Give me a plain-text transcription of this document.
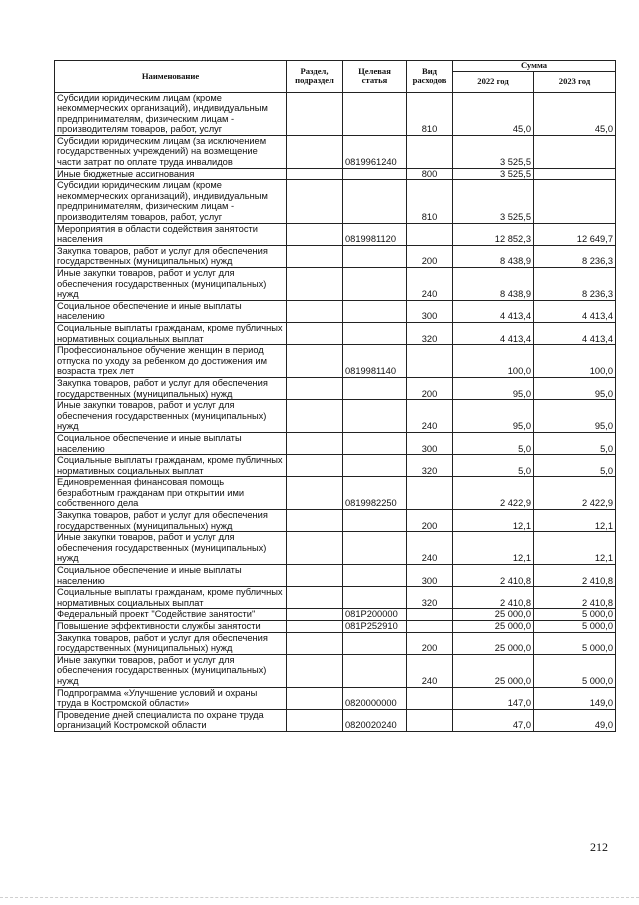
Наименование	Раздел, подраздел	Целевая статья	Вид расходов	Сумма	
				2022 год	2023 год
Субсидии юридическим лицам (кроме некоммерческих организаций), индивидуальным предпринимателям, физическим лицам - производителям товаров, работ, услуг			810	45,0	45,0
Субсидии юридическим лицам (за исключением государственных учреждений) на возмещение части затрат по оплате труда инвалидов		0819961240		3 525,5	
Иные бюджетные ассигнования			800	3 525,5	
Субсидии юридическим лицам (кроме некоммерческих организаций), индивидуальным предпринимателям, физическим лицам - производителям товаров, работ, услуг			810	3 525,5	
Мероприятия в области содействия занятости населения		0819981120		12 852,3	12 649,7
Закупка товаров, работ и услуг для обеспечения государственных (муниципальных) нужд			200	8 438,9	8 236,3
Иные закупки товаров, работ и услуг для обеспечения государственных (муниципальных) нужд			240	8 438,9	8 236,3
Социальное обеспечение и иные выплаты населению			300	4 413,4	4 413,4
Социальные выплаты гражданам, кроме публичных нормативных социальных выплат			320	4 413,4	4 413,4
Профессиональное обучение женщин в период отпуска по уходу за ребенком до достижения им возраста трех лет		0819981140		100,0	100,0
Закупка товаров, работ и услуг для обеспечения государственных (муниципальных) нужд			200	95,0	95,0
Иные закупки товаров, работ и услуг для обеспечения государственных (муниципальных) нужд			240	95,0	95,0
Социальное обеспечение и иные выплаты населению			300	5,0	5,0
Социальные выплаты гражданам, кроме публичных нормативных социальных выплат			320	5,0	5,0
Единовременная финансовая помощь безработным гражданам при открытии ими собственного дела		0819982250		2 422,9	2 422,9
Закупка товаров, работ и услуг для обеспечения государственных (муниципальных) нужд			200	12,1	12,1
Иные закупки товаров, работ и услуг для обеспечения государственных (муниципальных) нужд			240	12,1	12,1
Социальное обеспечение и иные выплаты населению			300	2 410,8	2 410,8
Социальные выплаты гражданам, кроме публичных нормативных социальных выплат			320	2 410,8	2 410,8
Федеральный проект "Содействие занятости"		081P200000		25 000,0	5 000,0
Повышение эффективности службы занятости		081P252910		25 000,0	5 000,0
Закупка товаров, работ и услуг для обеспечения государственных (муниципальных) нужд			200	25 000,0	5 000,0
Иные закупки товаров, работ и услуг для обеспечения государственных (муниципальных) нужд			240	25 000,0	5 000,0
Подпрограмма «Улучшение условий и охраны труда в Костромской области»		0820000000		147,0	149,0
Проведение дней специалиста по охране труда организаций Костромской области		0820020240		47,0	49,0
212
